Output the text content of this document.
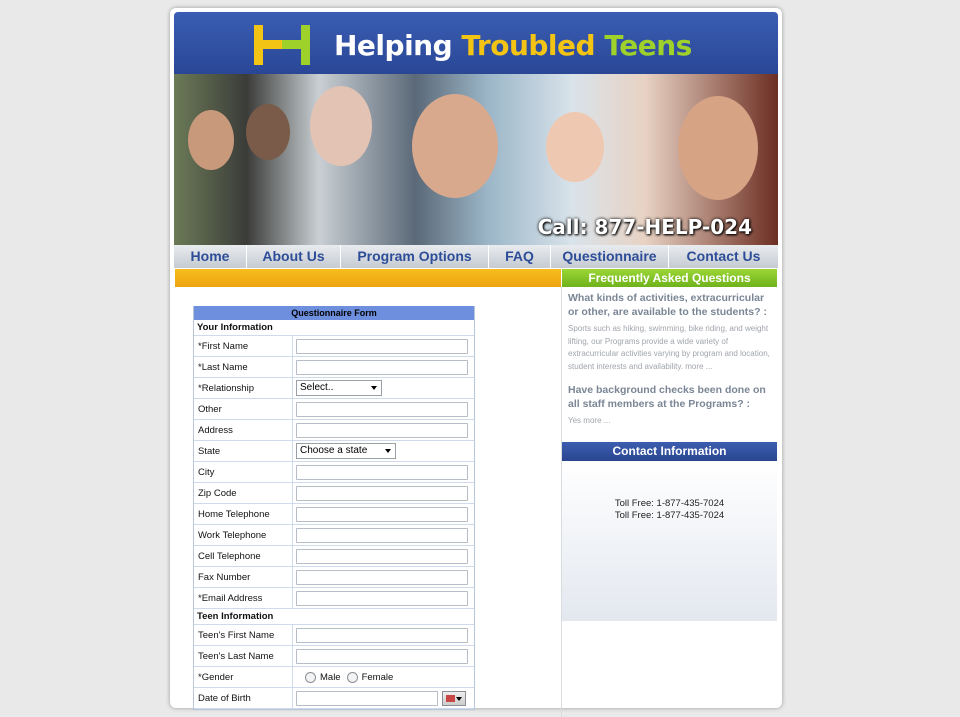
Helping Troubled Teens
Call: 877-HELP-024
Home	About Us	Program Options	FAQ	Questionnaire	Contact Us
Frequently Asked Questions
What kinds of activities, extracurricular or other, are available to the students? :
Sports such as hiking, swimming, bike riding, and weight lifting, our Programs provide a wide variety of extracurricular activities varying by program and location, student interests and availability. more ...
Have background checks been done on all staff members at the Programs? :
Yes more ...
Contact Information
Toll Free: 1-877-435-7024
Toll Free: 1-877-435-7024
Questionnaire Form
Your Information
*First Name
*Last Name
*Relationship	Select..
Other
Address
State	Choose a state
City
Zip Code
Home Telephone
Work Telephone
Cell Telephone
Fax Number
*Email Address
Teen Information
Teen's First Name
Teen's Last Name
*Gender	Male Female
Date of Birth
